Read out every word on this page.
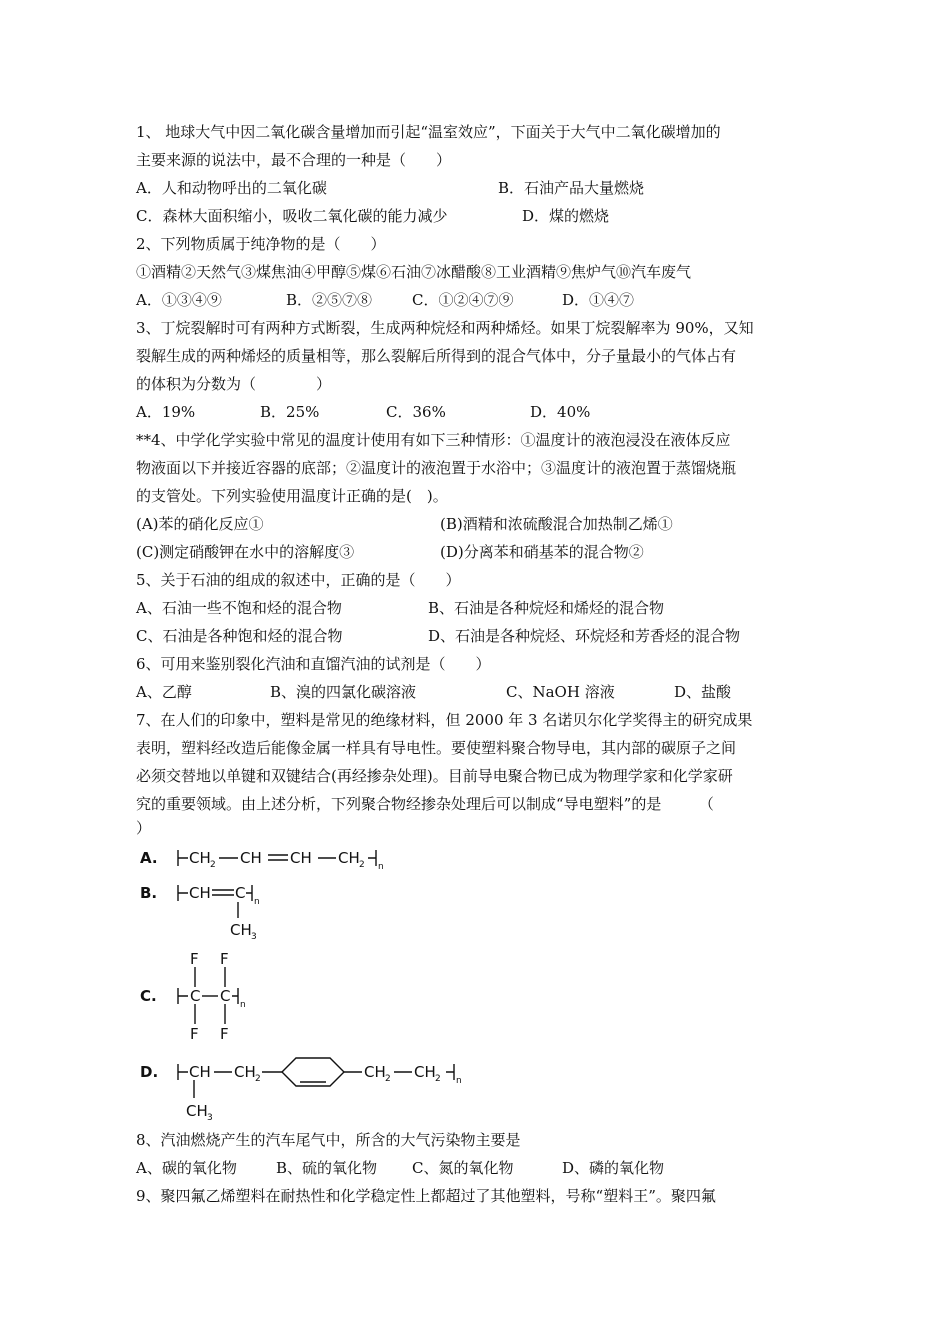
1、 地球大气中因二氧化碳含量增加而引起“温室效应”，下面关于大气中二氧化碳增加的
主要来源的说法中，最不合理的一种是（　　）
A．人和动物呼出的二氧化碳	B．石油产品大量燃烧
C．森林大面积缩小，吸收二氧化碳的能力减少	D．煤的燃烧
2、下列物质属于纯净物的是（　　）
①酒精②天然气③煤焦油④甲醇⑤煤⑥石油⑦冰醋酸⑧工业酒精⑨焦炉气⑩汽车废气
A．①③④⑨	B．②⑤⑦⑧	C．①②④⑦⑨	D．①④⑦
3、丁烷裂解时可有两种方式断裂，生成两种烷烃和两种烯烃。如果丁烷裂解率为 90%，又知
裂解生成的两种烯烃的质量相等，那么裂解后所得到的混合气体中，分子量最小的气体占有
的体积为分数为（　　　　）
A．19%	B．25%	C．36%	D．40%
**4、中学化学实验中常见的温度计使用有如下三种情形：①温度计的液泡浸没在液体反应
物液面以下并接近容器的底部；②温度计的液泡置于水浴中；③温度计的液泡置于蒸馏烧瓶
的支管处。下列实验使用温度计正确的是(　)。
(A)苯的硝化反应①	(B)酒精和浓硫酸混合加热制乙烯①
(C)测定硝酸钾在水中的溶解度③	(D)分离苯和硝基苯的混合物②
5、关于石油的组成的叙述中，正确的是（　　）
A、石油一些不饱和烃的混合物	B、石油是各种烷烃和烯烃的混合物
C、石油是各种饱和烃的混合物	D、石油是各种烷烃、环烷烃和芳香烃的混合物
6、可用来鉴别裂化汽油和直馏汽油的试剂是（　　）
A、乙醇	B、溴的四氯化碳溶液	C、NaOH 溶液	D、盐酸
7、在人们的印象中，塑料是常见的绝缘材料，但 2000 年 3 名诺贝尔化学奖得主的研究成果
表明，塑料经改造后能像金属一样具有导电性。要使塑料聚合物导电，其内部的碳原子之间
必须交替地以单键和双键结合(再经掺杂处理)。目前导电聚合物已成为物理学家和化学家研
究的重要领域。由上述分析，下列聚合物经掺杂处理后可以制成“导电塑料”的是　　　（
）
A.
B.
C.
D.
CH 2 CH CH CH 2 n
CH C n
CH 3
F F
C C n
F F
CH CH 2	CH 2 CH 2 n
CH 3
8、汽油燃烧产生的汽车尾气中，所含的大气污染物主要是
A、碳的氧化物	B、硫的氧化物 C、氮的氧化物	D、磷的氧化物
9、聚四氟乙烯塑料在耐热性和化学稳定性上都超过了其他塑料，号称“塑料王”。聚四氟
